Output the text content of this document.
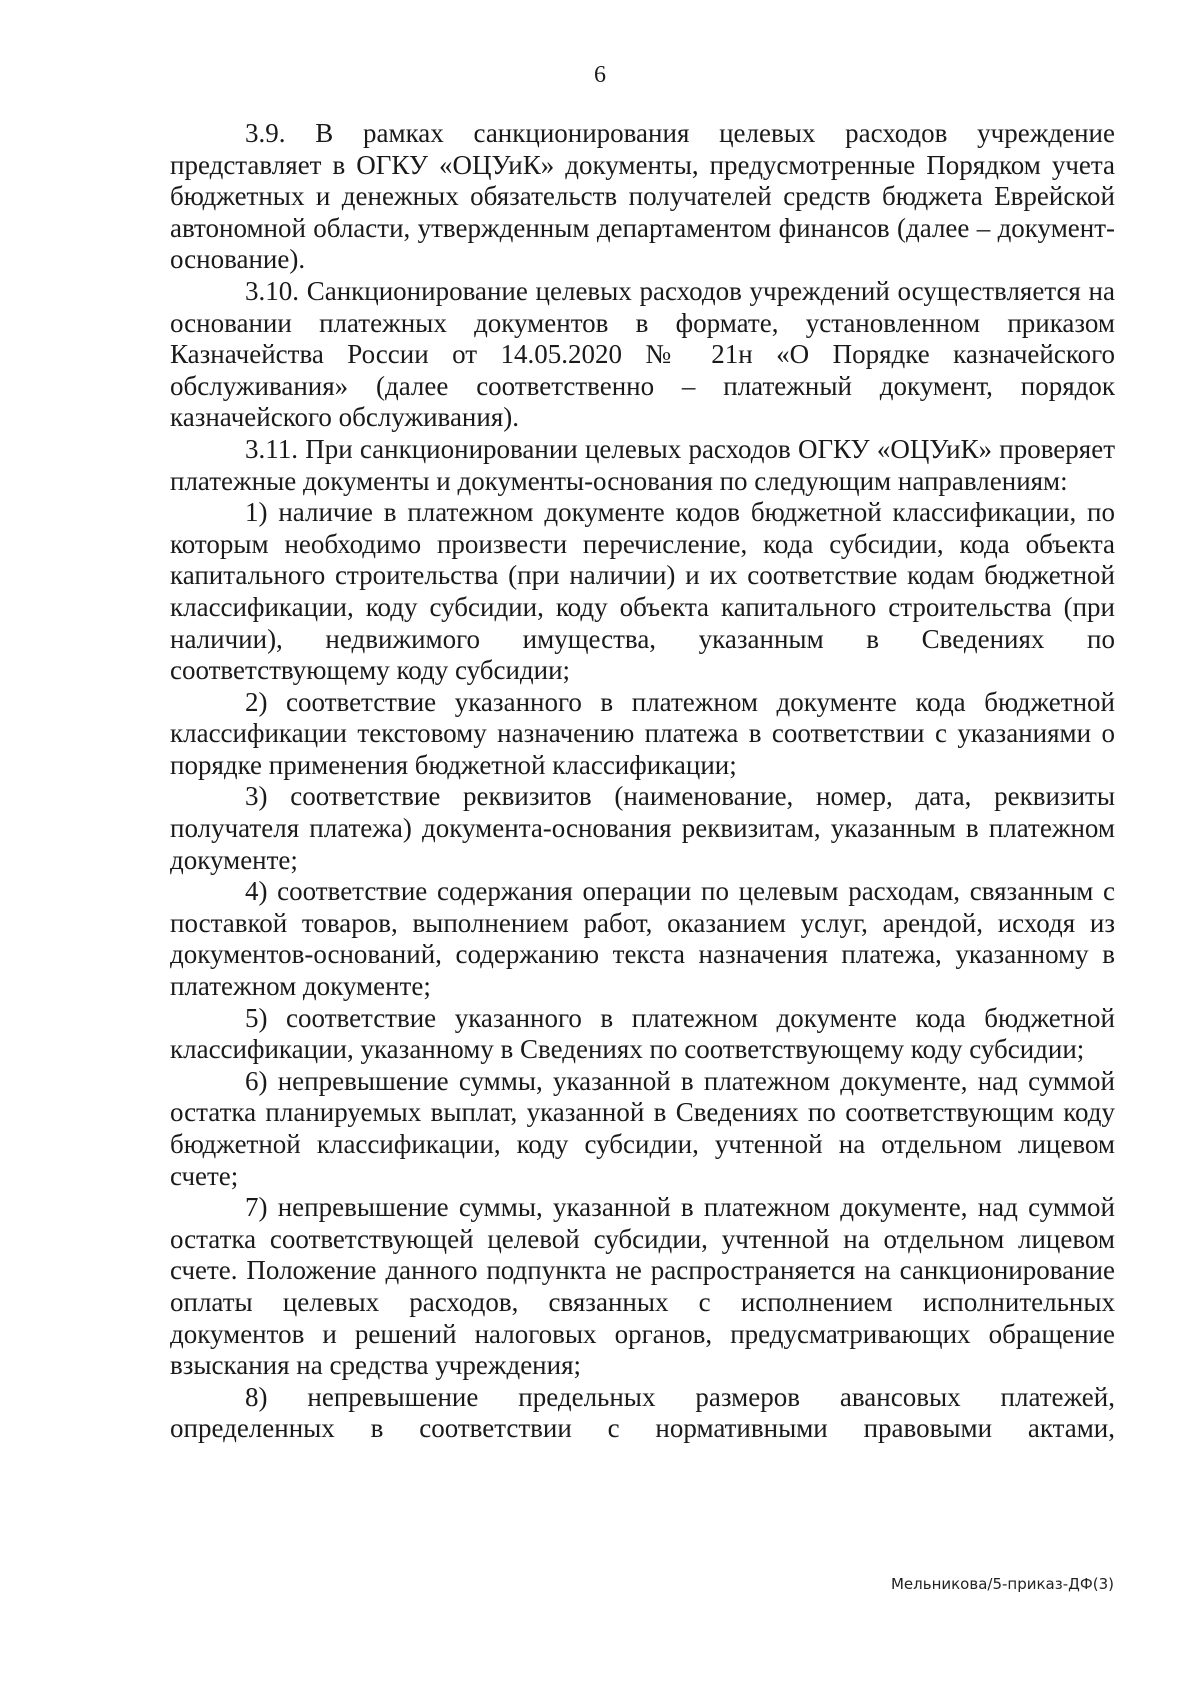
6

3.9. В рамках санкционирования целевых расходов учреждение представляет в ОГКУ «ОЦУиК» документы, предусмотренные Порядком учета бюджетных и денежных обязательств получателей средств бюджета Еврейской автономной области, утвержденным департаментом финансов (далее – документ-основание).

3.10. Санкционирование целевых расходов учреждений осуществляется на основании платежных документов в формате, установленном приказом Казначейства России от 14.05.2020 № 21н «О Порядке казначейского обслуживания» (далее соответственно – платежный документ, порядок казначейского обслуживания).

3.11. При санкционировании целевых расходов ОГКУ «ОЦУиК» проверяет платежные документы и документы-основания по следующим направлениям:

1) наличие в платежном документе кодов бюджетной классификации, по которым необходимо произвести перечисление, кода субсидии, кода объекта капитального строительства (при наличии) и их соответствие кодам бюджетной классификации, коду субсидии, коду объекта капитального строительства (при наличии), недвижимого имущества, указанным в Сведениях по соответствующему коду субсидии;

2) соответствие указанного в платежном документе кода бюджетной классификации текстовому назначению платежа в соответствии с указаниями о порядке применения бюджетной классификации;

3) соответствие реквизитов (наименование, номер, дата, реквизиты получателя платежа) документа-основания реквизитам, указанным в платежном документе;

4) соответствие содержания операции по целевым расходам, связанным с поставкой товаров, выполнением работ, оказанием услуг, арендой, исходя из документов-оснований, содержанию текста назначения платежа, указанному в платежном документе;

5) соответствие указанного в платежном документе кода бюджетной классификации, указанному в Сведениях по соответствующему коду субсидии;

6) непревышение суммы, указанной в платежном документе, над суммой остатка планируемых выплат, указанной в Сведениях по соответствующим коду бюджетной классификации, коду субсидии, учтенной на отдельном лицевом счете;

7) непревышение суммы, указанной в платежном документе, над суммой остатка соответствующей целевой субсидии, учтенной на отдельном лицевом счете. Положение данного подпункта не распространяется на санкционирование оплаты целевых расходов, связанных с исполнением исполнительных документов и решений налоговых органов, предусматривающих обращение взыскания на средства учреждения;

8) непревышение предельных размеров авансовых платежей, определенных в соответствии с нормативными правовыми актами,

Мельникова/5-приказ-ДФ(3)
